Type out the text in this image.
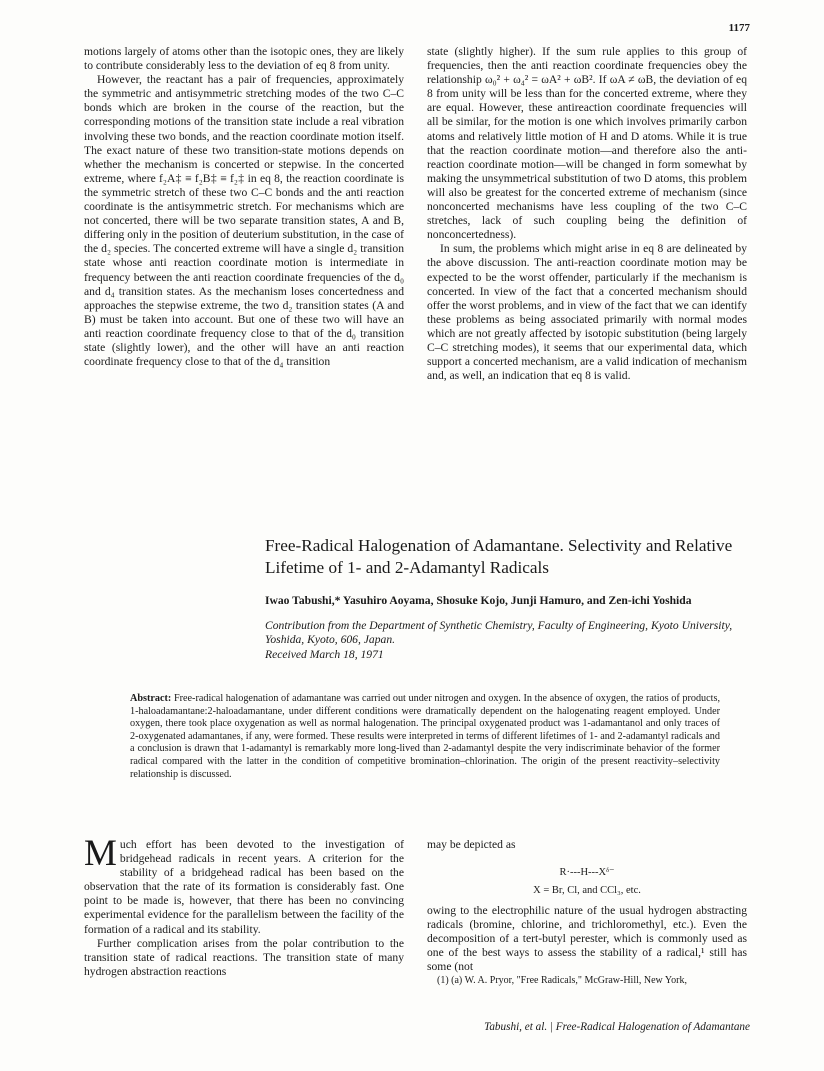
1177

motions largely of atoms other than the isotopic ones, they are likely to contribute considerably less to the deviation of eq 8 from unity.

However, the reactant has a pair of frequencies, approximately the symmetric and antisymmetric stretching modes of the two C–C bonds which are broken in the course of the reaction, but the corresponding motions of the transition state include a real vibration involving these two bonds, and the reaction coordinate motion itself. The exact nature of these two transition-state motions depends on whether the mechanism is concerted or stepwise. In the concerted extreme, where f₂A‡ ≡ f₂B‡ ≡ f₂‡ in eq 8, the reaction coordinate is the symmetric stretch of these two C–C bonds and the anti reaction coordinate is the antisymmetric stretch. For mechanisms which are not concerted, there will be two separate transition states, A and B, differing only in the position of deuterium substitution, in the case of the d₂ species. The concerted extreme will have a single d₂ transition state whose anti reaction coordinate motion is intermediate in frequency between the anti reaction coordinate frequencies of the d₀ and d₄ transition states. As the mechanism loses concertedness and approaches the stepwise extreme, the two d₂ transition states (A and B) must be taken into account. But one of these two will have an anti reaction coordinate frequency close to that of the d₀ transition state (slightly lower), and the other will have an anti reaction coordinate frequency close to that of the d₄ transition

state (slightly higher). If the sum rule applies to this group of frequencies, then the anti reaction coordinate frequencies obey the relationship ω₀² + ω₄² = ωA² + ωB². If ωA ≠ ωB, the deviation of eq 8 from unity will be less than for the concerted extreme, where they are equal. However, these antireaction coordinate frequencies will all be similar, for the motion is one which involves primarily carbon atoms and relatively little motion of H and D atoms. While it is true that the reaction coordinate motion—and therefore also the anti-reaction coordinate motion—will be changed in form somewhat by making the unsymmetrical substitution of two D atoms, this problem will also be greatest for the concerted extreme of mechanism (since nonconcerted mechanisms have less coupling of the two C–C stretches, lack of such coupling being the definition of nonconcertedness).

In sum, the problems which might arise in eq 8 are delineated by the above discussion. The anti-reaction coordinate motion may be expected to be the worst offender, particularly if the mechanism is concerted. In view of the fact that a concerted mechanism should offer the worst problems, and in view of the fact that we can identify these problems as being associated primarily with normal modes which are not greatly affected by isotopic substitution (being largely C–C stretching modes), it seems that our experimental data, which support a concerted mechanism, are a valid indication of mechanism and, as well, an indication that eq 8 is valid.

Free-Radical Halogenation of Adamantane. Selectivity and Relative Lifetime of 1- and 2-Adamantyl Radicals
Iwao Tabushi,* Yasuhiro Aoyama, Shosuke Kojo, Junji Hamuro, and Zen-ichi Yoshida
Contribution from the Department of Synthetic Chemistry, Faculty of Engineering, Kyoto University, Yoshida, Kyoto, 606, Japan.
Received March 18, 1971
Abstract: Free-radical halogenation of adamantane was carried out under nitrogen and oxygen. In the absence of oxygen, the ratios of products, 1-haloadamantane:2-haloadamantane, under different conditions were dramatically dependent on the halogenating reagent employed. Under oxygen, there took place oxygenation as well as normal halogenation. The principal oxygenated product was 1-adamantanol and only traces of 2-oxygenated adamantanes, if any, were formed. These results were interpreted in terms of different lifetimes of 1- and 2-adamantyl radicals and a conclusion is drawn that 1-adamantyl is remarkably more long-lived than 2-adamantyl despite the very indiscriminate behavior of the former radical compared with the latter in the condition of competitive bromination–chlorination. The origin of the present reactivity–selectivity relationship is discussed.

Much effort has been devoted to the investigation of bridgehead radicals in recent years. A criterion for the stability of a bridgehead radical has been based on the observation that the rate of its formation is considerably fast. One point to be made is, however, that there has been no convincing experimental evidence for the parallelism between the facility of the formation of a radical and its stability.

Further complication arises from the polar contribution to the transition state of radical reactions. The transition state of many hydrogen abstraction reactions

may be depicted as

R·---H---Xᵟ⁻
X = Br, Cl, and CCl₃, etc.

owing to the electrophilic nature of the usual hydrogen abstracting radicals (bromine, chlorine, and trichloromethyl, etc.). Even the decomposition of a tert-butyl perester, which is commonly used as one of the best ways to assess the stability of a radical,¹ still has some (not

(1) (a) W. A. Pryor, "Free Radicals," McGraw-Hill, New York,

Tabushi, et al. | Free-Radical Halogenation of Adamantane
